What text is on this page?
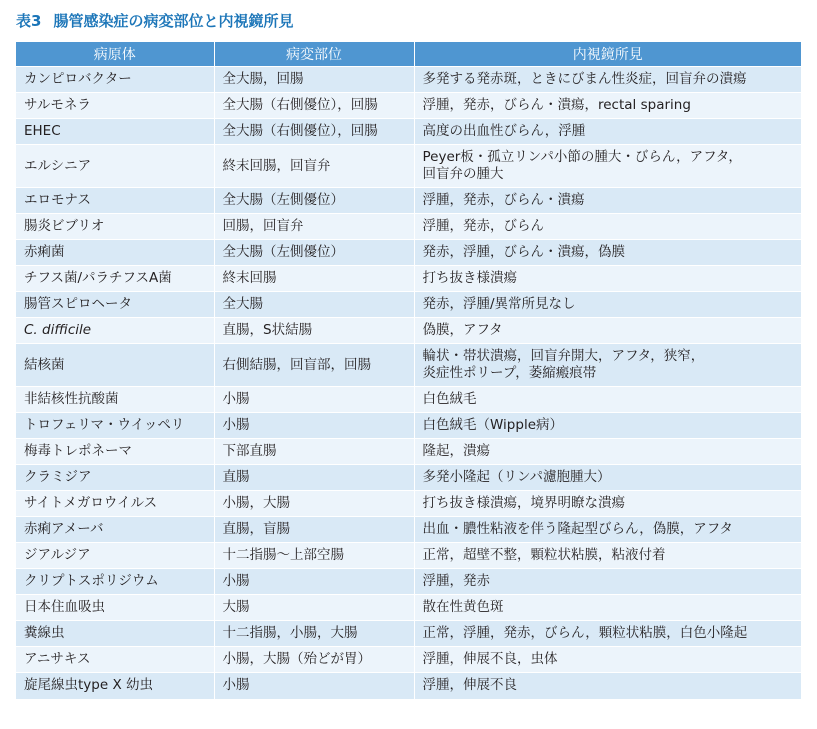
表3 腸管感染症の病変部位と内視鏡所見
病原体	病変部位	内視鏡所見
カンピロバクター	全大腸，回腸	多発する発赤斑，ときにびまん性炎症，回盲弁の潰瘍
サルモネラ	全大腸（右側優位），回腸	浮腫，発赤，びらん・潰瘍，rectal sparing
EHEC	全大腸（右側優位），回腸	高度の出血性びらん，浮腫
エルシニア	終末回腸，回盲弁	Peyer板・孤立リンパ小節の腫大・びらん，アフタ，
回盲弁の腫大
エロモナス	全大腸（左側優位）	浮腫，発赤，びらん・潰瘍
腸炎ビブリオ	回腸，回盲弁	浮腫，発赤，びらん
赤痢菌	全大腸（左側優位）	発赤，浮腫，びらん・潰瘍，偽膜
チフス菌/パラチフスA菌	終末回腸	打ち抜き様潰瘍
腸管スピロヘータ	全大腸	発赤，浮腫/異常所見なし
C. difficile	直腸，S状結腸	偽膜，アフタ
結核菌	右側結腸，回盲部，回腸	輪状・帯状潰瘍，回盲弁開大，アフタ，狭窄，
炎症性ポリープ，萎縮瘢痕帯
非結核性抗酸菌	小腸	白色絨毛
トロフェリマ・ウイッペリ	小腸	白色絨毛（Wipple病）
梅毒トレポネーマ	下部直腸	隆起，潰瘍
クラミジア	直腸	多発小隆起（リンパ濾胞腫大）
サイトメガロウイルス	小腸，大腸	打ち抜き様潰瘍，境界明瞭な潰瘍
赤痢アメーバ	直腸，盲腸	出血・膿性粘液を伴う隆起型びらん，偽膜，アフタ
ジアルジア	十二指腸〜上部空腸	正常，超壁不整，顆粒状粘膜，粘液付着
クリプトスポリジウム	小腸	浮腫，発赤
日本住血吸虫	大腸	散在性黄色斑
糞線虫	十二指腸，小腸，大腸	正常，浮腫，発赤，びらん，顆粒状粘膜，白色小隆起
アニサキス	小腸，大腸（殆どが胃）	浮腫，伸展不良，虫体
旋尾線虫type X 幼虫	小腸	浮腫，伸展不良
